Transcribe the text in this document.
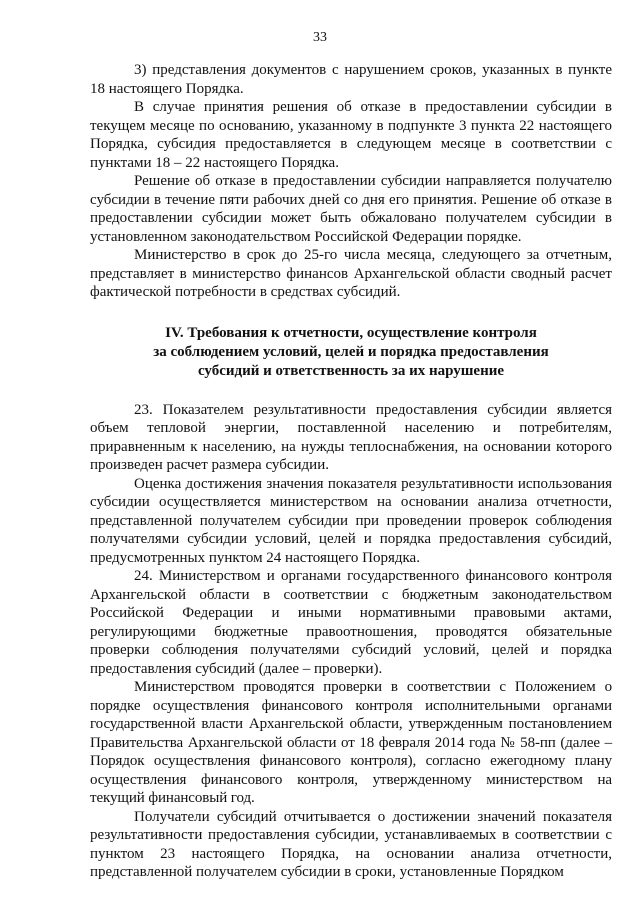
33

3) представления документов с нарушением сроков, указанных в пункте 18 настоящего Порядка.

В случае принятия решения об отказе в предоставлении субсидии в текущем месяце по основанию, указанному в подпункте 3 пункта 22 настоящего Порядка, субсидия предоставляется в следующем месяце в соответствии с пунктами 18 – 22 настоящего Порядка.

Решение об отказе в предоставлении субсидии направляется получателю субсидии в течение пяти рабочих дней со дня его принятия. Решение об отказе в предоставлении субсидии может быть обжаловано получателем субсидии в установленном законодательством Российской Федерации порядке.

Министерство в срок до 25-го числа месяца, следующего за отчетным, представляет в министерство финансов Архангельской области сводный расчет фактической потребности в средствах субсидий.

IV. Требования к отчетности, осуществление контроля
за соблюдением условий, целей и порядка предоставления
субсидий и ответственность за их нарушение

23. Показателем результативности предоставления субсидии является объем тепловой энергии, поставленной населению и потребителям, приравненным к населению, на нужды теплоснабжения, на основании которого произведен расчет размера субсидии.

Оценка достижения значения показателя результативности использования субсидии осуществляется министерством на основании анализа отчетности, представленной получателем субсидии при проведении проверок соблюдения получателями субсидии условий, целей и порядка предоставления субсидий, предусмотренных пунктом 24 настоящего Порядка.

24. Министерством и органами государственного финансового контроля Архангельской области в соответствии с бюджетным законодательством Российской Федерации и иными нормативными правовыми актами, регулирующими бюджетные правоотношения, проводятся обязательные проверки соблюдения получателями субсидий условий, целей и порядка предоставления субсидий (далее – проверки).

Министерством проводятся проверки в соответствии с Положением о порядке осуществления финансового контроля исполнительными органами государственной власти Архангельской области, утвержденным постановлением Правительства Архангельской области от 18 февраля 2014 года № 58-пп (далее – Порядок осуществления финансового контроля), согласно ежегодному плану осуществления финансового контроля, утвержденному министерством на текущий финансовый год.

Получатели субсидий отчитывается о достижении значений показателя результативности предоставления субсидии, устанавливаемых в соответствии с пунктом 23 настоящего Порядка, на основании анализа отчетности, представленной получателем субсидии в сроки, установленные Порядком
